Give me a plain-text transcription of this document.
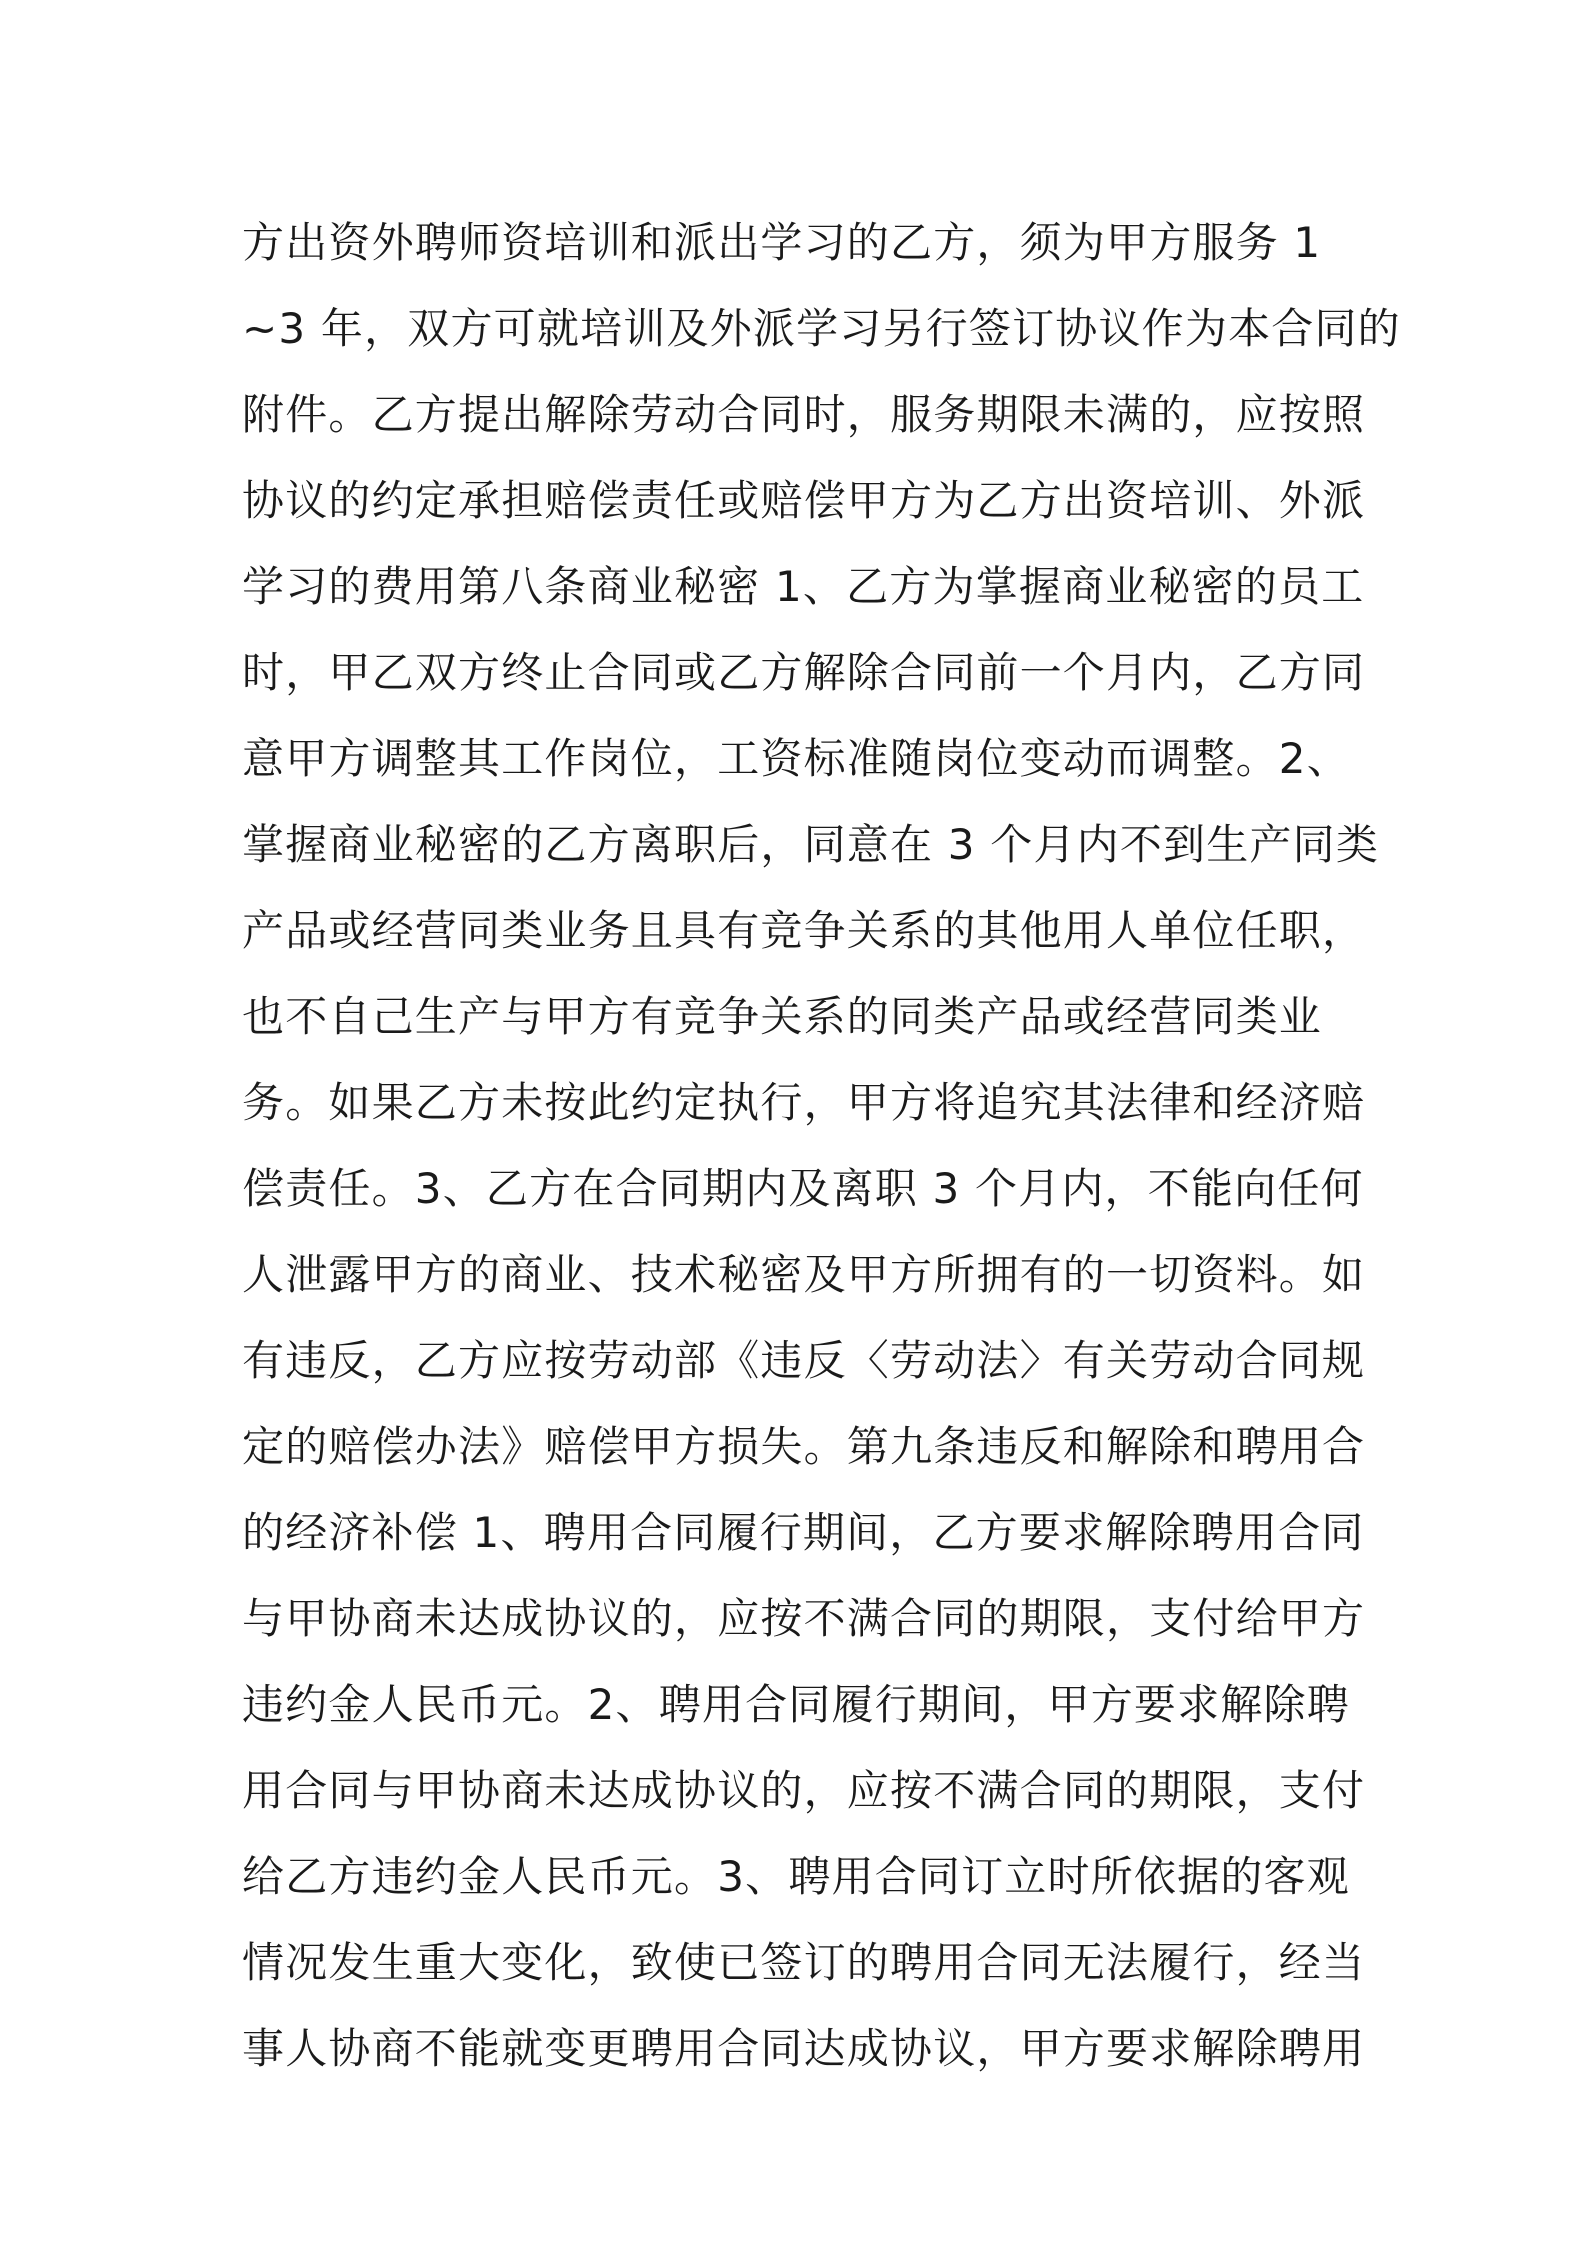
方出资外聘师资培训和派出学习的乙方，须为甲方服务 1
~3 年，双方可就培训及外派学习另行签订协议作为本合同的
附件。乙方提出解除劳动合同时，服务期限未满的，应按照
协议的约定承担赔偿责任或赔偿甲方为乙方出资培训、外派
学习的费用第八条商业秘密 1、乙方为掌握商业秘密的员工
时，甲乙双方终止合同或乙方解除合同前一个月内，乙方同
意甲方调整其工作岗位，工资标准随岗位变动而调整。2、
掌握商业秘密的乙方离职后，同意在 3 个月内不到生产同类
产品或经营同类业务且具有竞争关系的其他用人单位任职，
也不自己生产与甲方有竞争关系的同类产品或经营同类业
务。如果乙方未按此约定执行，甲方将追究其法律和经济赔
偿责任。3、乙方在合同期内及离职 3 个月内，不能向任何
人泄露甲方的商业、技术秘密及甲方所拥有的一切资料。如
有违反，乙方应按劳动部《违反〈劳动法〉有关劳动合同规
定的赔偿办法》赔偿甲方损失。第九条违反和解除和聘用合
的经济补偿 1、聘用合同履行期间，乙方要求解除聘用合同
与甲协商未达成协议的，应按不满合同的期限，支付给甲方
违约金人民币元。2、聘用合同履行期间，甲方要求解除聘
用合同与甲协商未达成协议的，应按不满合同的期限，支付
给乙方违约金人民币元。3、聘用合同订立时所依据的客观
情况发生重大变化，致使已签订的聘用合同无法履行，经当
事人协商不能就变更聘用合同达成协议，甲方要求解除聘用
